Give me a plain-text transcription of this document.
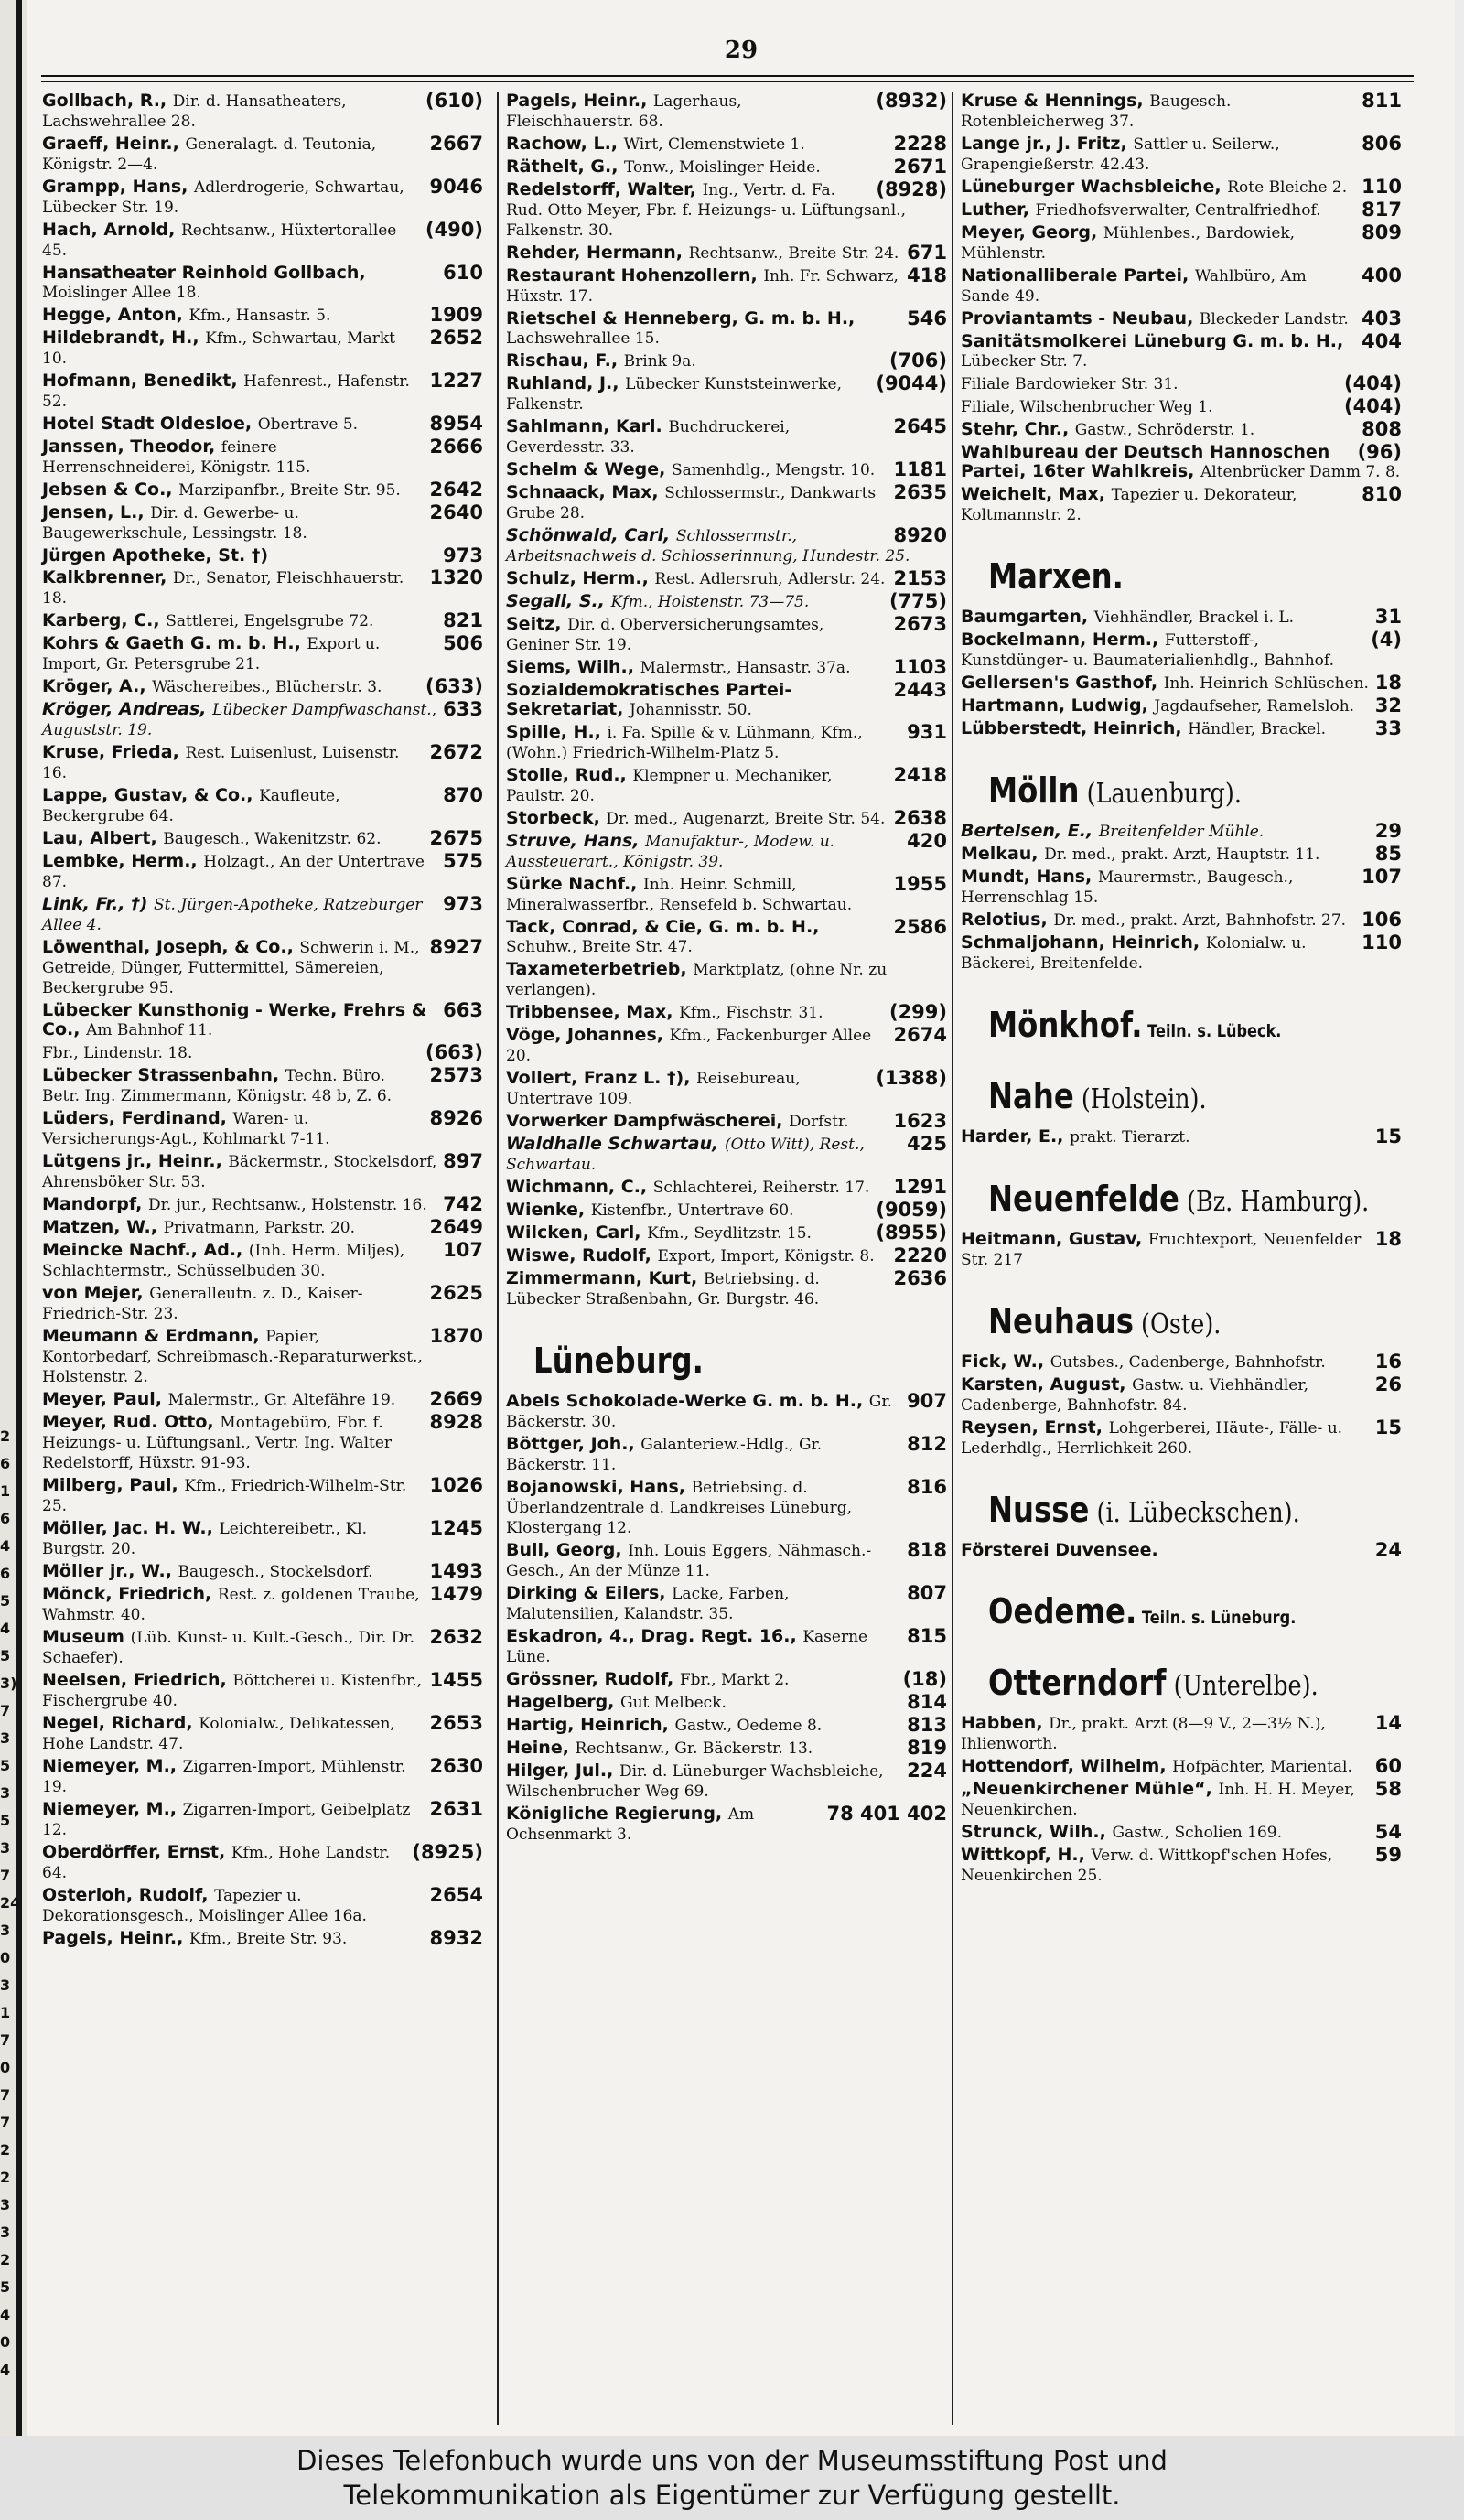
29
(610)
Gollbach, R., Dir. d. Hansatheaters, Lachswehrallee 28.
2667
Graeff, Heinr., Generalagt. d. Teutonia, Königstr. 2—4.
9046
Grampp, Hans, Adlerdrogerie, Schwartau, Lübecker Str. 19.
(490)
Hach, Arnold, Rechtsanw., Hüxtertorallee 45.
610
Hansatheater Reinhold Gollbach, Moislinger Allee 18.
1909
Hegge, Anton, Kfm., Hansastr. 5.
2652
Hildebrandt, H., Kfm., Schwartau, Markt 10.
1227
Hofmann, Benedikt, Hafenrest., Hafenstr. 52.
8954
Hotel Stadt Oldesloe, Obertrave 5.
2666
Janssen, Theodor, feinere Herrenschneiderei, Königstr. 115.
2642
Jebsen & Co., Marzipanfbr., Breite Str. 95.
2640
Jensen, L., Dir. d. Gewerbe- u. Baugewerkschule, Lessingstr. 18.
973
Jürgen Apotheke, St. †)
1320
Kalkbrenner, Dr., Senator, Fleischhauerstr. 18.
821
Karberg, C., Sattlerei, Engelsgrube 72.
506
Kohrs & Gaeth G. m. b. H., Export u. Import, Gr. Petersgrube 21.
(633)
Kröger, A., Wäschereibes., Blücherstr. 3.
633
Kröger, Andreas, Lübecker Dampfwaschanst., Auguststr. 19.
2672
Kruse, Frieda, Rest. Luisenlust, Luisenstr. 16.
870
Lappe, Gustav, & Co., Kaufleute, Beckergrube 64.
2675
Lau, Albert, Baugesch., Wakenitzstr. 62.
575
Lembke, Herm., Holzagt., An der Untertrave 87.
973
Link, Fr., †) St. Jürgen-Apotheke, Ratzeburger Allee 4.
8927
Löwenthal, Joseph, & Co., Schwerin i. M., Getreide, Dünger, Futtermittel, Sämereien, Beckergrube 95.
663
Lübecker Kunsthonig - Werke, Frehrs & Co., Am Bahnhof 11.
(663)
Fbr., Lindenstr. 18.
2573
Lübecker Strassenbahn, Techn. Büro. Betr. Ing. Zimmermann, Königstr. 48 b, Z. 6.
8926
Lüders, Ferdinand, Waren- u. Versicherungs-Agt., Kohlmarkt 7-11.
897
Lütgens jr., Heinr., Bäckermstr., Stockelsdorf, Ahrensböker Str. 53.
742
Mandorpf, Dr. jur., Rechtsanw., Holstenstr. 16.
2649
Matzen, W., Privatmann, Parkstr. 20.
107
Meincke Nachf., Ad., (Inh. Herm. Miljes), Schlachtermstr., Schüsselbuden 30.
2625
von Mejer, Generalleutn. z. D., Kaiser-Friedrich-Str. 23.
1870
Meumann & Erdmann, Papier, Kontorbedarf, Schreibmasch.-Reparaturwerkst., Holstenstr. 2.
2669
Meyer, Paul, Malermstr., Gr. Altefähre 19.
8928
Meyer, Rud. Otto, Montagebüro, Fbr. f. Heizungs- u. Lüftungsanl., Vertr. Ing. Walter Redelstorff, Hüxstr. 91-93.
1026
Milberg, Paul, Kfm., Friedrich-Wilhelm-Str. 25.
1245
Möller, Jac. H. W., Leichtereibetr., Kl. Burgstr. 20.
1493
Möller jr., W., Baugesch., Stockelsdorf.
1479
Mönck, Friedrich, Rest. z. goldenen Traube, Wahmstr. 40.
2632
Museum (Lüb. Kunst- u. Kult.-Gesch., Dir. Dr. Schaefer).
1455
Neelsen, Friedrich, Böttcherei u. Kistenfbr., Fischergrube 40.
2653
Negel, Richard, Kolonialw., Delikatessen, Hohe Landstr. 47.
2630
Niemeyer, M., Zigarren-Import, Mühlenstr. 19.
2631
Niemeyer, M., Zigarren-Import, Geibelplatz 12.
(8925)
Oberdörffer, Ernst, Kfm., Hohe Landstr. 64.
2654
Osterloh, Rudolf, Tapezier u. Dekorationsgesch., Moislinger Allee 16a.
8932
Pagels, Heinr., Kfm., Breite Str. 93.
(8932)
Pagels, Heinr., Lagerhaus, Fleischhauerstr. 68.
2228
Rachow, L., Wirt, Clemenstwiete 1.
2671
Räthelt, G., Tonw., Moislinger Heide.
(8928)
Redelstorff, Walter, Ing., Vertr. d. Fa. Rud. Otto Meyer, Fbr. f. Heizungs- u. Lüftungsanl., Falkenstr. 30.
671
Rehder, Hermann, Rechtsanw., Breite Str. 24.
418
Restaurant Hohenzollern, Inh. Fr. Schwarz, Hüxstr. 17.
546
Rietschel & Henneberg, G. m. b. H., Lachswehrallee 15.
(706)
Rischau, F., Brink 9a.
(9044)
Ruhland, J., Lübecker Kunststeinwerke, Falkenstr.
2645
Sahlmann, Karl. Buchdruckerei, Geverdesstr. 33.
1181
Schelm & Wege, Samenhdlg., Mengstr. 10.
2635
Schnaack, Max, Schlossermstr., Dankwarts Grube 28.
8920
Schönwald, Carl, Schlossermstr., Arbeitsnachweis d. Schlosserinnung, Hundestr. 25.
2153
Schulz, Herm., Rest. Adlersruh, Adlerstr. 24.
(775)
Segall, S., Kfm., Holstenstr. 73—75.
2673
Seitz, Dir. d. Oberversicherungsamtes, Geniner Str. 19.
1103
Siems, Wilh., Malermstr., Hansastr. 37a.
2443
Sozialdemokratisches Partei-Sekretariat, Johannisstr. 50.
931
Spille, H., i. Fa. Spille & v. Lühmann, Kfm., (Wohn.) Friedrich-Wilhelm-Platz 5.
2418
Stolle, Rud., Klempner u. Mechaniker, Paulstr. 20.
2638
Storbeck, Dr. med., Augenarzt, Breite Str. 54.
420
Struve, Hans, Manufaktur-, Modew. u. Aussteuerart., Königstr. 39.
1955
Sürke Nachf., Inh. Heinr. Schmill, Mineralwasserfbr., Rensefeld b. Schwartau.
2586
Tack, Conrad, & Cie, G. m. b. H., Schuhw., Breite Str. 47.
Taxameterbetrieb, Marktplatz, (ohne Nr. zu verlangen).
(299)
Tribbensee, Max, Kfm., Fischstr. 31.
2674
Vöge, Johannes, Kfm., Fackenburger Allee 20.
(1388)
Vollert, Franz L. †), Reisebureau, Untertrave 109.
1623
Vorwerker Dampfwäscherei, Dorfstr.
425
Waldhalle Schwartau, (Otto Witt), Rest., Schwartau.
1291
Wichmann, C., Schlachterei, Reiherstr. 17.
(9059)
Wienke, Kistenfbr., Untertrave 60.
(8955)
Wilcken, Carl, Kfm., Seydlitzstr. 15.
2220
Wiswe, Rudolf, Export, Import, Königstr. 8.
2636
Zimmermann, Kurt, Betriebsing. d. Lübecker Straßenbahn, Gr. Burgstr. 46.
Lüneburg.
907
Abels Schokolade-Werke G. m. b. H., Gr. Bäckerstr. 30.
812
Böttger, Joh., Galanteriew.-Hdlg., Gr. Bäckerstr. 11.
816
Bojanowski, Hans, Betriebsing. d. Überlandzentrale d. Landkreises Lüneburg, Klostergang 12.
818
Bull, Georg, Inh. Louis Eggers, Nähmasch.-Gesch., An der Münze 11.
807
Dirking & Eilers, Lacke, Farben, Malutensilien, Kalandstr. 35.
815
Eskadron, 4., Drag. Regt. 16., Kaserne Lüne.
(18)
Grössner, Rudolf, Fbr., Markt 2.
814
Hagelberg, Gut Melbeck.
813
Hartig, Heinrich, Gastw., Oedeme 8.
819
Heine, Rechtsanw., Gr. Bäckerstr. 13.
224
Hilger, Jul., Dir. d. Lüneburger Wachsbleiche, Wilschenbrucher Weg 69.
78 401 402
Königliche Regierung, Am Ochsenmarkt 3.
811
Kruse & Hennings, Baugesch. Rotenbleicherweg 37.
806
Lange jr., J. Fritz, Sattler u. Seilerw., Grapengießerstr. 42.43.
110
Lüneburger Wachsbleiche, Rote Bleiche 2.
817
Luther, Friedhofsverwalter, Centralfriedhof.
809
Meyer, Georg, Mühlenbes., Bardowiek, Mühlenstr.
400
Nationalliberale Partei, Wahlbüro, Am Sande 49.
403
Proviantamts - Neubau, Bleckeder Landstr.
404
Sanitätsmolkerei Lüneburg G. m. b. H., Lübecker Str. 7.
(404)
Filiale Bardowieker Str. 31.
(404)
Filiale, Wilschenbrucher Weg 1.
808
Stehr, Chr., Gastw., Schröderstr. 1.
(96)
Wahlbureau der Deutsch Hannoschen Partei, 16ter Wahlkreis, Altenbrücker Damm 7. 8.
810
Weichelt, Max, Tapezier u. Dekorateur, Koltmannstr. 2.
Marxen.
31
Baumgarten, Viehhändler, Brackel i. L.
(4)
Bockelmann, Herm., Futterstoff-, Kunstdünger- u. Baumaterialienhdlg., Bahnhof.
18
Gellersen's Gasthof, Inh. Heinrich Schlüschen.
32
Hartmann, Ludwig, Jagdaufseher, Ramelsloh.
33
Lübberstedt, Heinrich, Händler, Brackel.
Mölln (Lauenburg).
29
Bertelsen, E., Breitenfelder Mühle.
85
Melkau, Dr. med., prakt. Arzt, Hauptstr. 11.
107
Mundt, Hans, Maurermstr., Baugesch., Herrenschlag 15.
106
Relotius, Dr. med., prakt. Arzt, Bahnhofstr. 27.
110
Schmaljohann, Heinrich, Kolonialw. u. Bäckerei, Breitenfelde.
Mönkhof. Teiln. s. Lübeck.
Nahe (Holstein).
15
Harder, E., prakt. Tierarzt.
Neuenfelde (Bz. Hamburg).
18
Heitmann, Gustav, Fruchtexport, Neuenfelder Str. 217
Neuhaus (Oste).
16
Fick, W., Gutsbes., Cadenberge, Bahnhofstr.
26
Karsten, August, Gastw. u. Viehhändler, Cadenberge, Bahnhofstr. 84.
15
Reysen, Ernst, Lohgerberei, Häute-, Fälle- u. Lederhdlg., Herrlichkeit 260.
Nusse (i. Lübeckschen).
24
Försterei Duvensee.
Oedeme. Teiln. s. Lüneburg.
Otterndorf (Unterelbe).
14
Habben, Dr., prakt. Arzt (8—9 V., 2—3½ N.), Ihlienworth.
60
Hottendorf, Wilhelm, Hofpächter, Mariental.
58
„Neuenkirchener Mühle“, Inh. H. H. Meyer, Neuenkirchen.
54
Strunck, Wilh., Gastw., Scholien 169.
59
Wittkopf, H., Verw. d. Wittkopf'schen Hofes, Neuenkirchen 25.
2
6
1
6
4
6
5
4
5
3)
7
3
5
3
5
3
7
24
3
0
3
1
7
0
7
7
2
2
3
3
2
5
4
0
4
Dieses Telefonbuch wurde uns von der Museumsstiftung Post und
Telekommunikation als Eigentümer zur Verfügung gestellt.
